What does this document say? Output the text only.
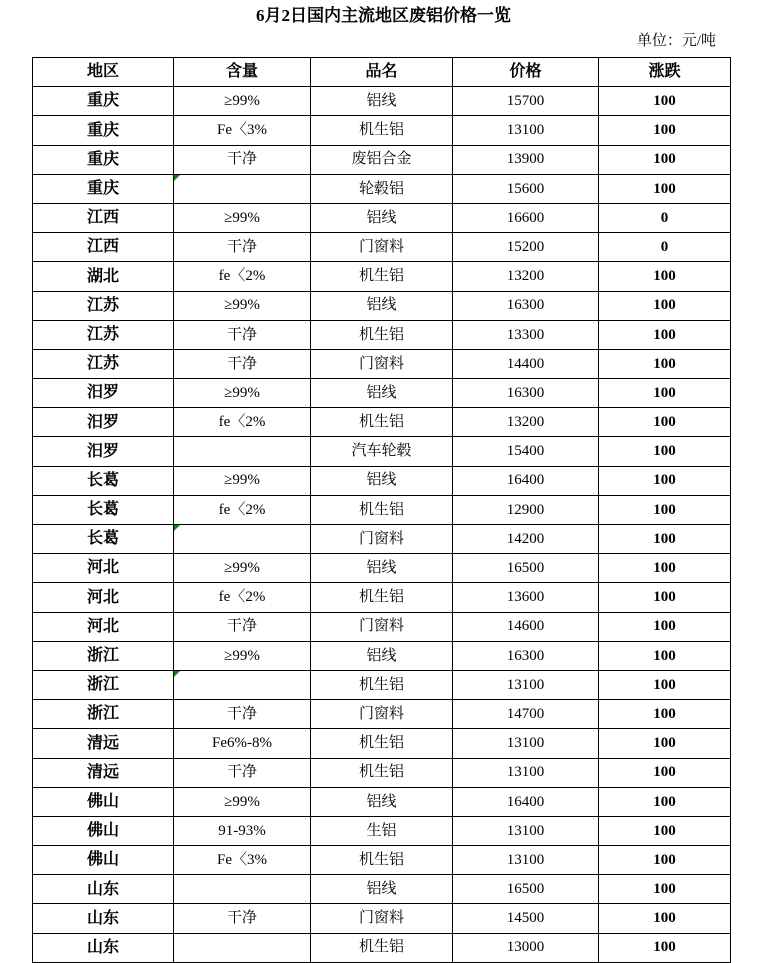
6月2日国内主流地区废铝价格一览
单位：元/吨
地区	含量	品名	价格	涨跌
重庆	≥99%	铝线	15700	100
重庆	Fe〈3%	机生铝	13100	100
重庆	干净	废铝合金	13900	100
重庆		轮毂铝	15600	100
江西	≥99%	铝线	16600	0
江西	干净	门窗料	15200	0
湖北	fe〈2%	机生铝	13200	100
江苏	≥99%	铝线	16300	100
江苏	干净	机生铝	13300	100
江苏	干净	门窗料	14400	100
汨罗	≥99%	铝线	16300	100
汨罗	fe〈2%	机生铝	13200	100
汨罗		汽车轮毂	15400	100
长葛	≥99%	铝线	16400	100
长葛	fe〈2%	机生铝	12900	100
长葛		门窗料	14200	100
河北	≥99%	铝线	16500	100
河北	fe〈2%	机生铝	13600	100
河北	干净	门窗料	14600	100
浙江	≥99%	铝线	16300	100
浙江		机生铝	13100	100
浙江	干净	门窗料	14700	100
清远	Fe6%-8%	机生铝	13100	100
清远	干净	机生铝	13100	100
佛山	≥99%	铝线	16400	100
佛山	91-93%	生铝	13100	100
佛山	Fe〈3%	机生铝	13100	100
山东		铝线	16500	100
山东	干净	门窗料	14500	100
山东		机生铝	13000	100
